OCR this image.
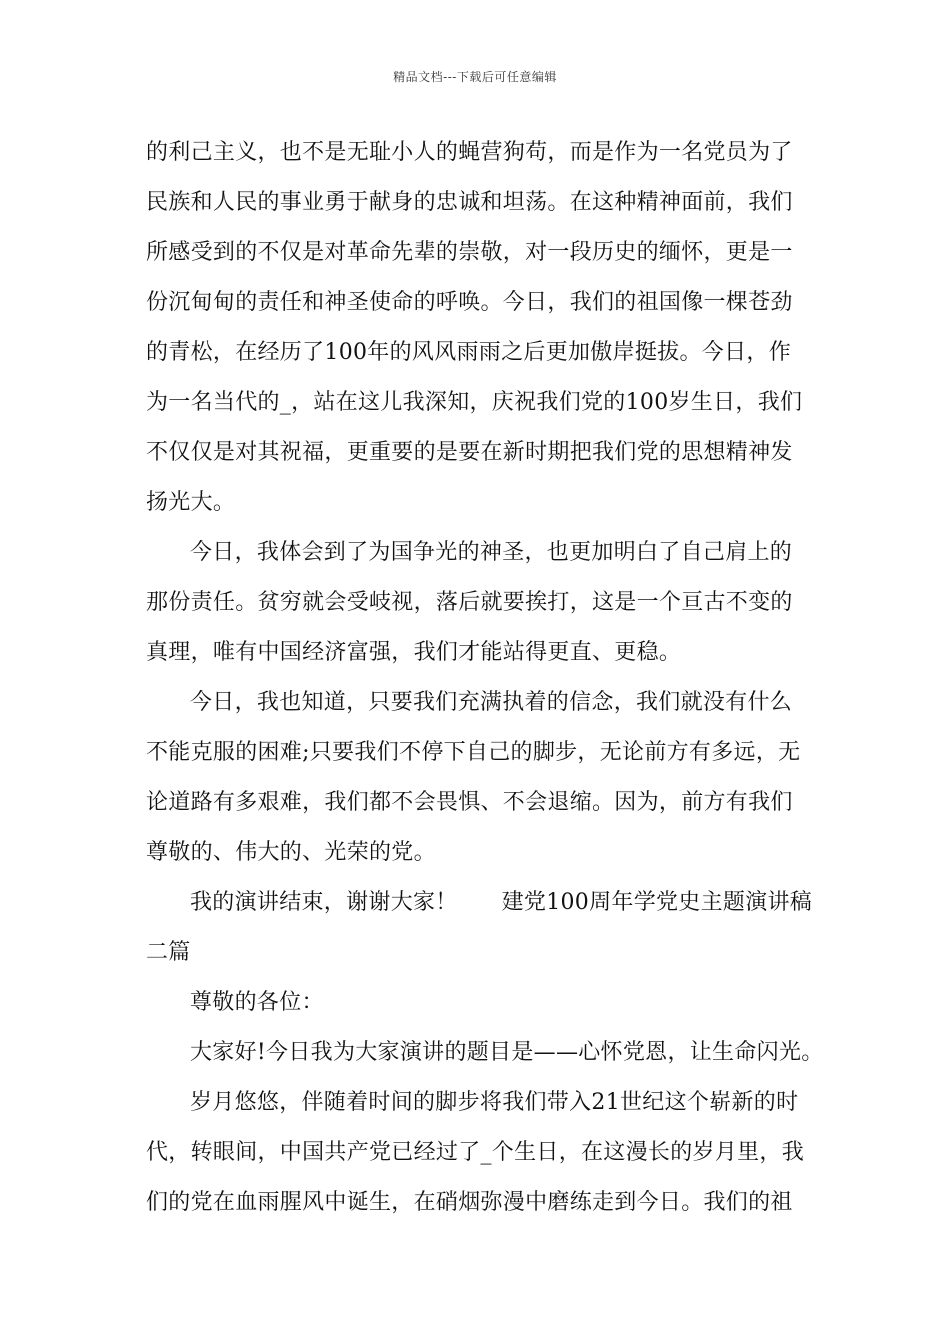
精品文档---下载后可任意编辑
的利己主义，也不是无耻小人的蝇营狗苟，而是作为一名党员为了
民族和人民的事业勇于献身的忠诚和坦荡。在这种精神面前，我们
所感受到的不仅是对革命先辈的崇敬，对一段历史的缅怀，更是一
份沉甸甸的责任和神圣使命的呼唤。今日，我们的祖国像一棵苍劲
的青松，在经历了100年的风风雨雨之后更加傲岸挺拔。今日，作
为一名当代的_，站在这儿我深知，庆祝我们党的100岁生日，我们
不仅仅是对其祝福，更重要的是要在新时期把我们党的思想精神发
扬光大。
今日，我体会到了为国争光的神圣，也更加明白了自己肩上的
那份责任。贫穷就会受岐视，落后就要挨打，这是一个亘古不变的
真理，唯有中国经济富强，我们才能站得更直、更稳。
今日，我也知道，只要我们充满执着的信念，我们就没有什么
不能克服的困难;只要我们不停下自己的脚步，无论前方有多远，无
论道路有多艰难，我们都不会畏惧、不会退缩。因为，前方有我们
尊敬的、伟大的、光荣的党。
我的演讲结束，谢谢大家！ 建党100周年学党史主题演讲稿
二篇
尊敬的各位：
大家好!今日我为大家演讲的题目是——心怀党恩，让生命闪光。
岁月悠悠，伴随着时间的脚步将我们带入21世纪这个崭新的时
代，转眼间，中国共产党已经过了_个生日，在这漫长的岁月里，我
们的党在血雨腥风中诞生，在硝烟弥漫中磨练走到今日。我们的祖
